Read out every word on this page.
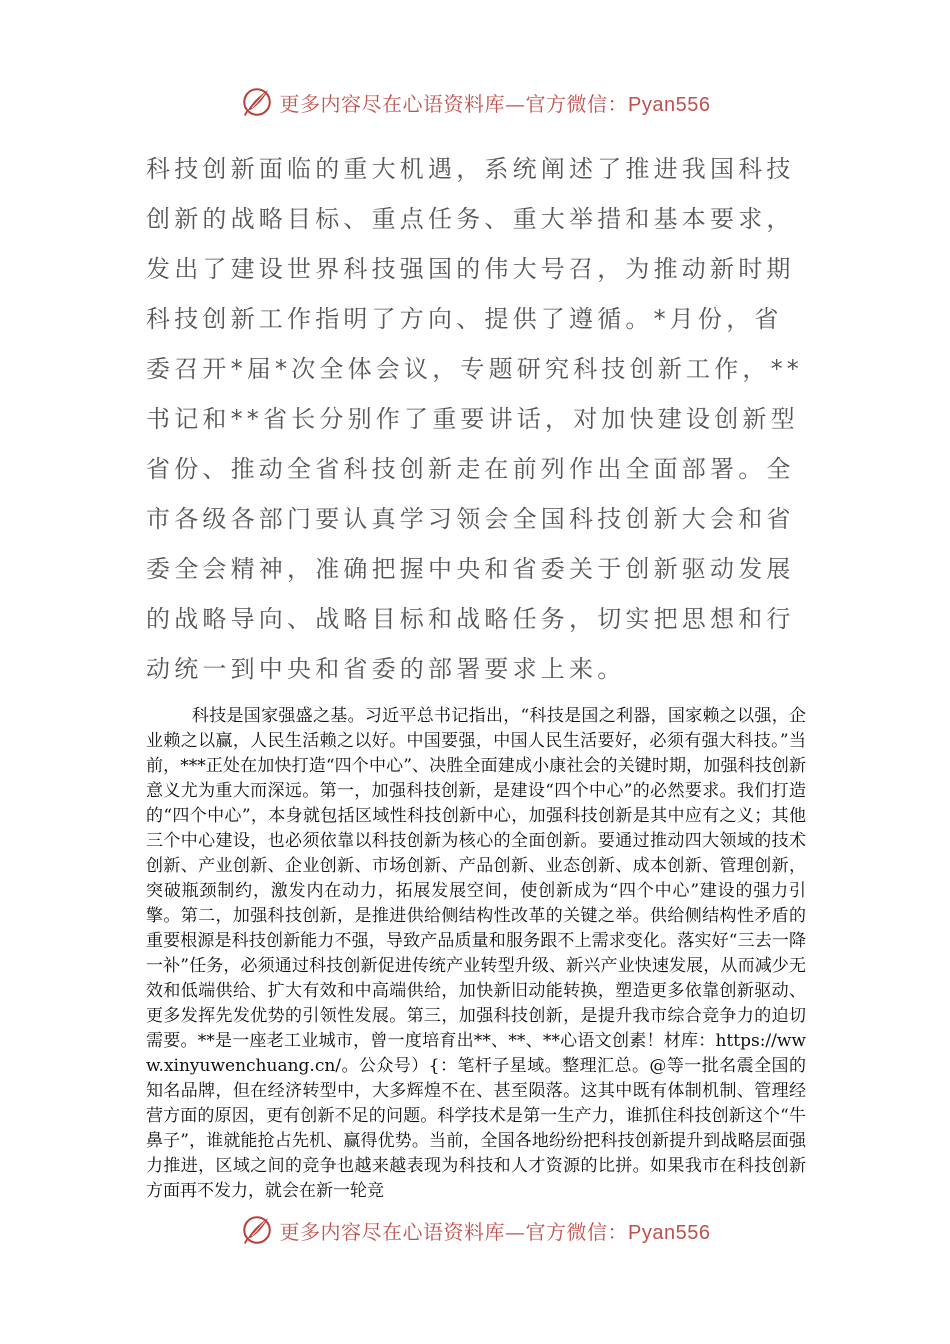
更多内容尽在心语资料库—官方微信：Pyan556

科技创新面临的重大机遇，系统阐述了推进我国科技创新的战略目标、重点任务、重大举措和基本要求，发出了建设世界科技强国的伟大号召，为推动新时期科技创新工作指明了方向、提供了遵循。*月份，省委召开*届*次全体会议，专题研究科技创新工作，**书记和**省长分别作了重要讲话，对加快建设创新型省份、推动全省科技创新走在前列作出全面部署。全市各级各部门要认真学习领会全国科技创新大会和省委全会精神，准确把握中央和省委关于创新驱动发展的战略导向、战略目标和战略任务，切实把思想和行动统一到中央和省委的部署要求上来。

科技是国家强盛之基。习近平总书记指出，“科技是国之利器，国家赖之以强，企业赖之以赢，人民生活赖之以好。中国要强，中国人民生活要好，必须有强大科技。”当前，***正处在加快打造“四个中心”、决胜全面建成小康社会的关键时期，加强科技创新意义尤为重大而深远。第一，加强科技创新，是建设“四个中心”的必然要求。我们打造的“四个中心”，本身就包括区域性科技创新中心，加强科技创新是其中应有之义；其他三个中心建设，也必须依靠以科技创新为核心的全面创新。要通过推动四大领域的技术创新、产业创新、企业创新、市场创新、产品创新、业态创新、成本创新、管理创新，突破瓶颈制约，激发内在动力，拓展发展空间，使创新成为“四个中心”建设的强力引擎。第二，加强科技创新，是推进供给侧结构性改革的关键之举。供给侧结构性矛盾的重要根源是科技创新能力不强，导致产品质量和服务跟不上需求变化。落实好“三去一降一补”任务，必须通过科技创新促进传统产业转型升级、新兴产业快速发展，从而减少无效和低端供给、扩大有效和中高端供给，加快新旧动能转换，塑造更多依靠创新驱动、更多发挥先发优势的引领性发展。第三，加强科技创新，是提升我市综合竞争力的迫切需要。**是一座老工业城市，曾一度培育出**、**、**心语文创素！材库：https://www.xinyuwenchuang.cn/。公众号）{：笔杆子星域。整理汇总。@等一批名震全国的知名品牌，但在经济转型中，大多辉煌不在、甚至陨落。这其中既有体制机制、管理经营方面的原因，更有创新不足的问题。科学技术是第一生产力，谁抓住科技创新这个“牛鼻子”，谁就能抢占先机、赢得优势。当前，全国各地纷纷把科技创新提升到战略层面强力推进，区域之间的竞争也越来越表现为科技和人才资源的比拼。如果我市在科技创新方面再不发力，就会在新一轮竞

更多内容尽在心语资料库—官方微信：Pyan556
